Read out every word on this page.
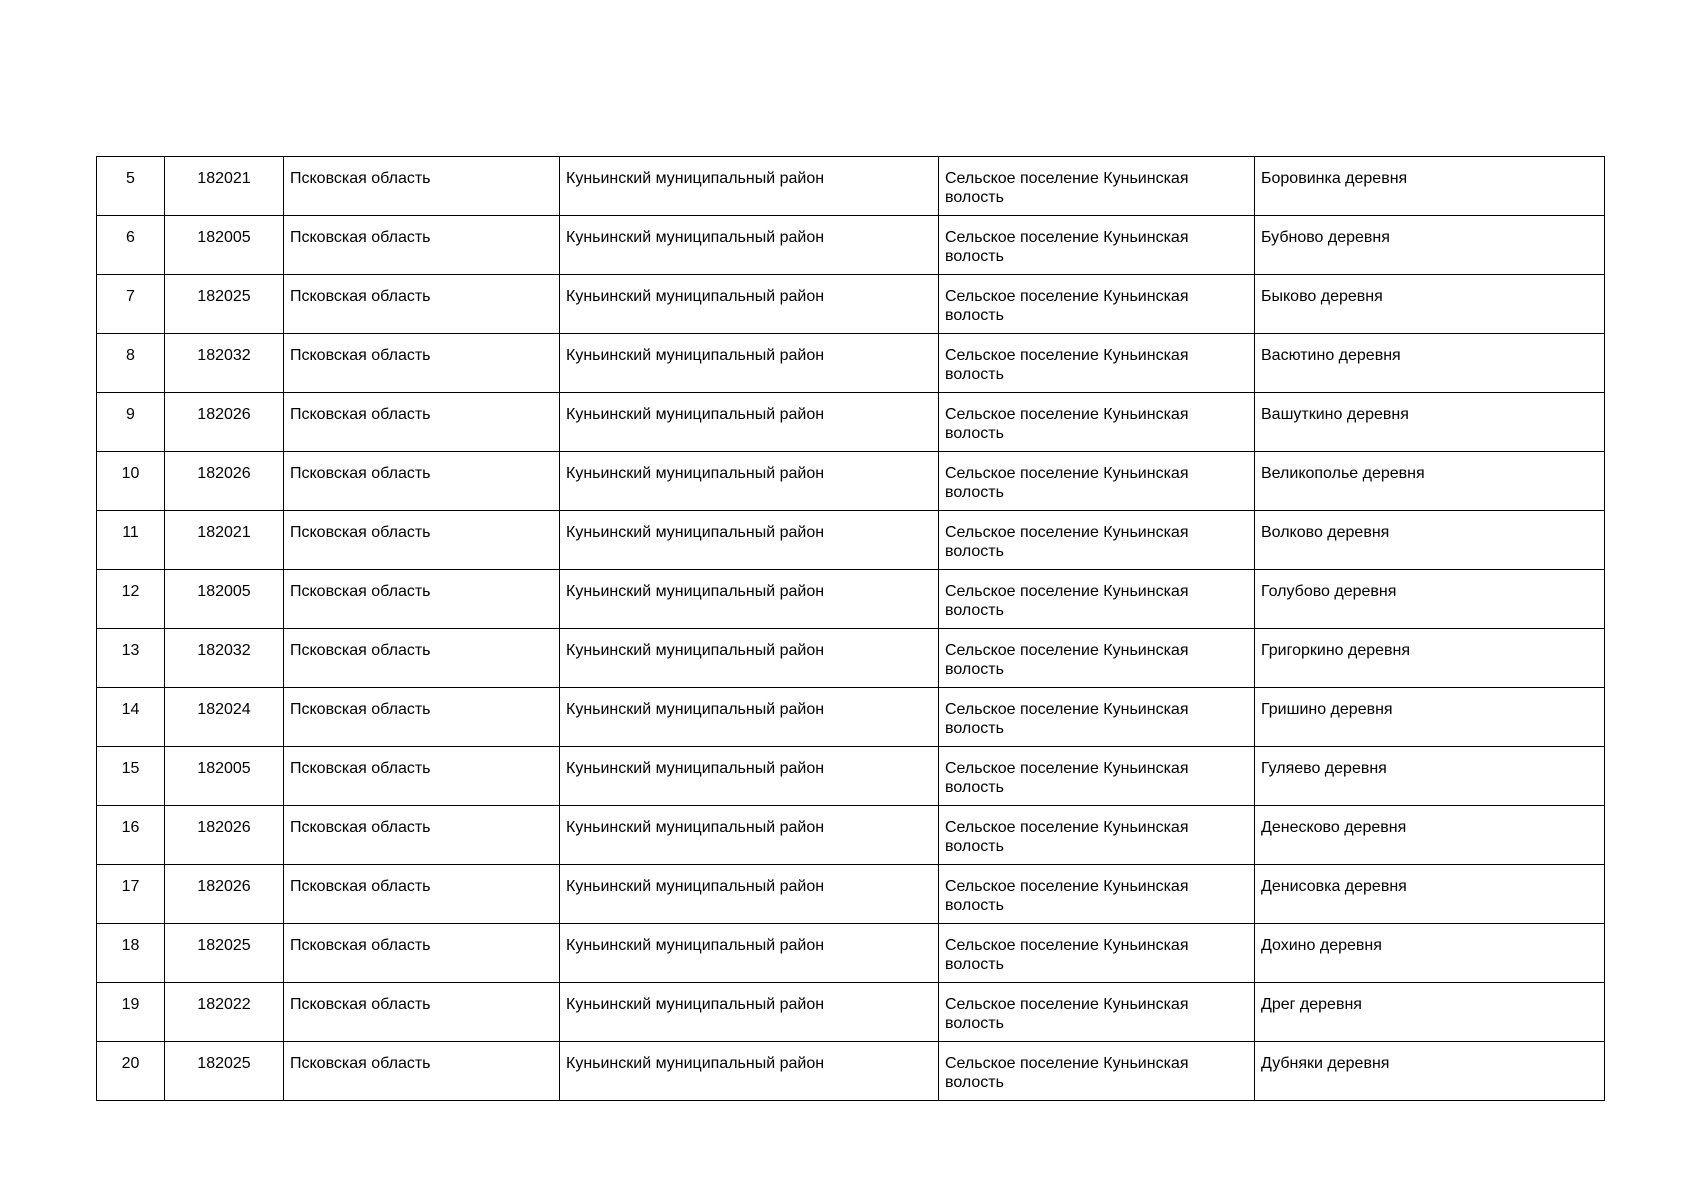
5	182021	Псковская область	Куньинский муниципальный район	Сельское поселение Куньинская волость	Боровинка деревня
6	182005	Псковская область	Куньинский муниципальный район	Сельское поселение Куньинская волость	Бубново деревня
7	182025	Псковская область	Куньинский муниципальный район	Сельское поселение Куньинская волость	Быково деревня
8	182032	Псковская область	Куньинский муниципальный район	Сельское поселение Куньинская волость	Васютино деревня
9	182026	Псковская область	Куньинский муниципальный район	Сельское поселение Куньинская волость	Вашуткино деревня
10	182026	Псковская область	Куньинский муниципальный район	Сельское поселение Куньинская волость	Великополье деревня
11	182021	Псковская область	Куньинский муниципальный район	Сельское поселение Куньинская волость	Волково деревня
12	182005	Псковская область	Куньинский муниципальный район	Сельское поселение Куньинская волость	Голубово деревня
13	182032	Псковская область	Куньинский муниципальный район	Сельское поселение Куньинская волость	Григоркино деревня
14	182024	Псковская область	Куньинский муниципальный район	Сельское поселение Куньинская волость	Гришино деревня
15	182005	Псковская область	Куньинский муниципальный район	Сельское поселение Куньинская волость	Гуляево деревня
16	182026	Псковская область	Куньинский муниципальный район	Сельское поселение Куньинская волость	Денесково деревня
17	182026	Псковская область	Куньинский муниципальный район	Сельское поселение Куньинская волость	Денисовка деревня
18	182025	Псковская область	Куньинский муниципальный район	Сельское поселение Куньинская волость	Дохино деревня
19	182022	Псковская область	Куньинский муниципальный район	Сельское поселение Куньинская волость	Дрег деревня
20	182025	Псковская область	Куньинский муниципальный район	Сельское поселение Куньинская волость	Дубняки деревня
